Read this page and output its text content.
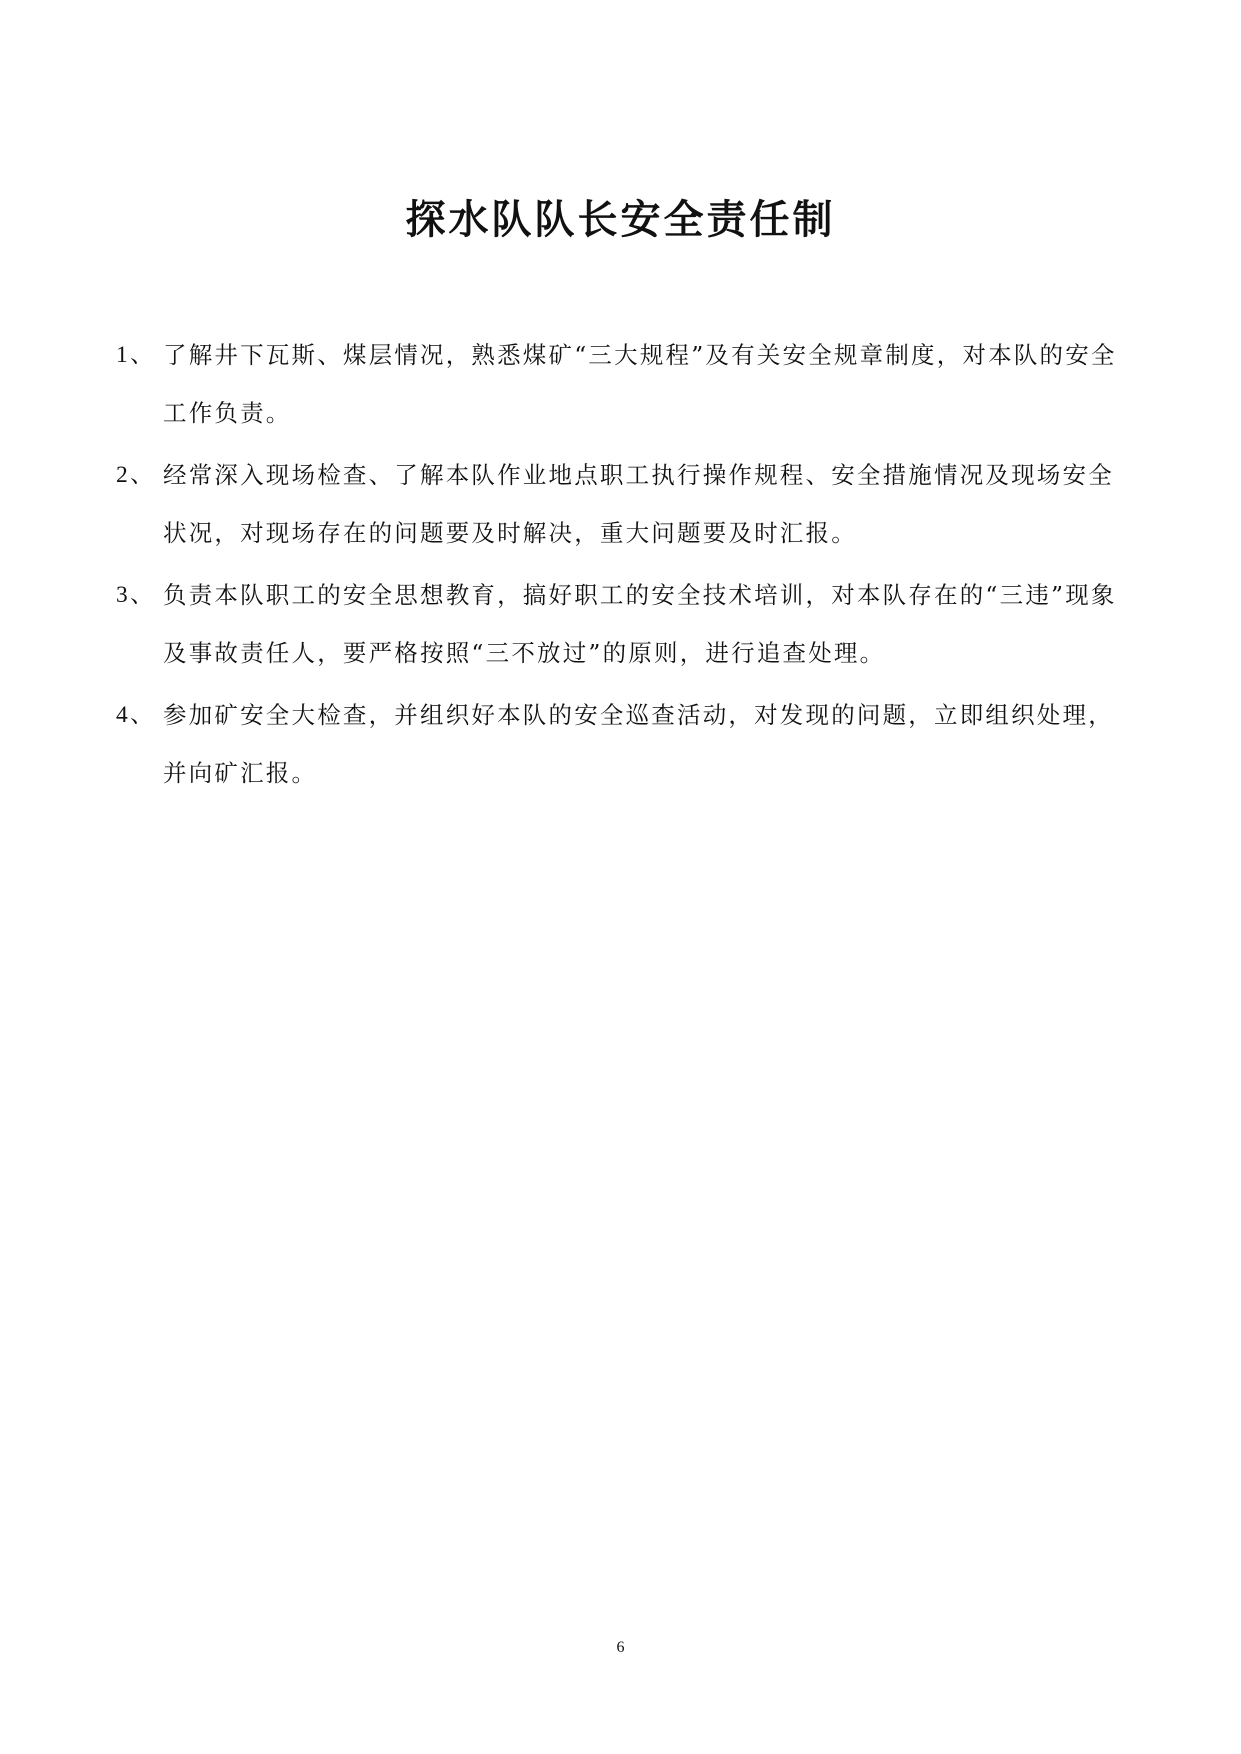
探水队队长安全责任制
1、 了解井下瓦斯、煤层情况，熟悉煤矿“三大规程”及有关安全规章制度，对本队的安全工作负责。
2、 经常深入现场检查、了解本队作业地点职工执行操作规程、安全措施情况及现场安全状况，对现场存在的问题要及时解决，重大问题要及时汇报。
3、 负责本队职工的安全思想教育，搞好职工的安全技术培训，对本队存在的“三违”现象及事故责任人，要严格按照“三不放过”的原则，进行追查处理。
4、 参加矿安全大检查，并组织好本队的安全巡查活动，对发现的问题，立即组织处理，并向矿汇报。
6
